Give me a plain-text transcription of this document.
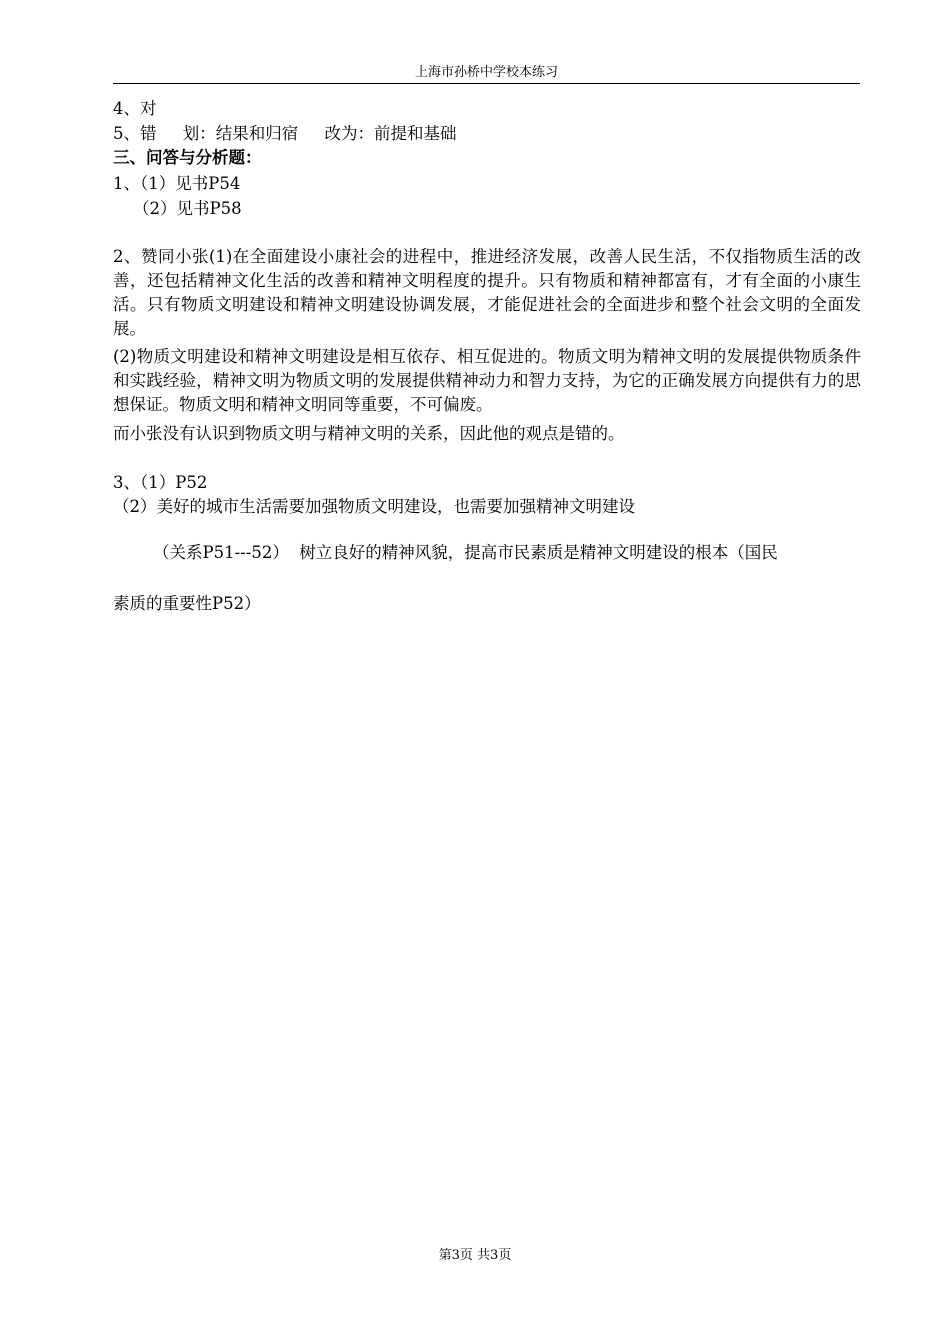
上海市孙桥中学校本练习
4、对
5、错     划：结果和归宿     改为：前提和基础
三、问答与分析题：
1、（1）见书P54
（2）见书P58
2、赞同小张(1)在全面建设小康社会的进程中，推进经济发展，改善人民生活，不仅指物质生活的改善，还包括精神文化生活的改善和精神文明程度的提升。只有物质和精神都富有，才有全面的小康生活。只有物质文明建设和精神文明建设协调发展，才能促进社会的全面进步和整个社会文明的全面发展。
(2)物质文明建设和精神文明建设是相互依存、相互促进的。物质文明为精神文明的发展提供物质条件和实践经验，精神文明为物质文明的发展提供精神动力和智力支持，为它的正确发展方向提供有力的思想保证。物质文明和精神文明同等重要，不可偏废。
而小张没有认识到物质文明与精神文明的关系，因此他的观点是错的。
3、（1）P52
（2）美好的城市生活需要加强物质文明建设，也需要加强精神文明建设
（关系P51---52）  树立良好的精神风貌，提高市民素质是精神文明建设的根本（国民
素质的重要性P52）
第3页 共3页
